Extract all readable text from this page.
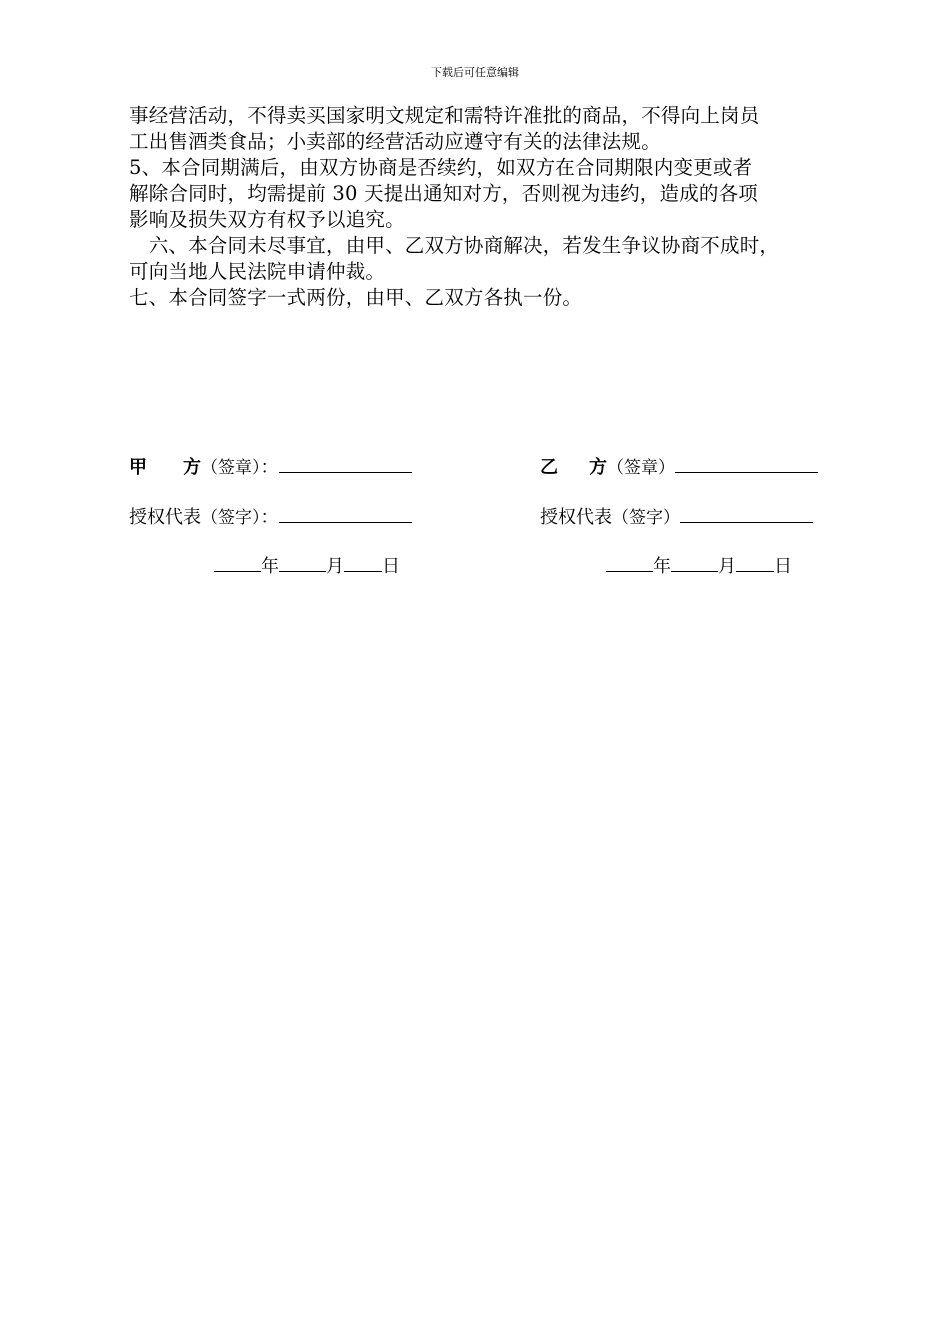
下载后可任意编辑

事经营活动，不得卖买国家明文规定和需特许准批的商品，不得向上岗员

工出售酒类食品；小卖部的经营活动应遵守有关的法律法规。

5、本合同期满后，由双方协商是否续约，如双方在合同期限内变更或者

解除合同时，均需提前 30 天提出通知对方，否则视为违约，造成的各项

影响及损失双方有权予以追究。

　六、本合同未尽事宜，由甲、乙双方协商解决，若发生争议协商不成时，

可向当地人民法院申请仲裁。

七、本合同签字一式两份，由甲、乙双方各执一份。

甲 方（签章）：	乙 方（签章）
授权代表（签字）：	授权代表（签字）
年	月 日	年	月 日
